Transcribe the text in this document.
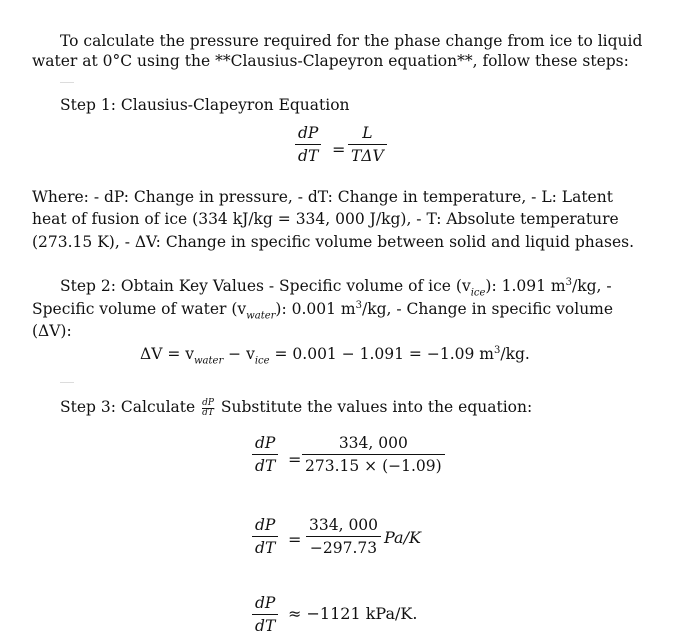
To calculate the pressure required for the phase change from ice to liquid
water at 0°C using the **Clausius-Clapeyron equation**, follow these steps:
Step 1: Clausius-Clapeyron Equation
dP
dT =
L
TΔV
Where: - dP: Change in pressure, - dT: Change in temperature, - L: Latent
heat of fusion of ice (334 kJ/kg = 334, 000 J/kg), - T: Absolute temperature
(273.15 K), - ΔV: Change in specific volume between solid and liquid phases.
Step 2: Obtain Key Values - Specific volume of ice $(v_{ice})$: 1.091 $m^3/kg$, -
Specific volume of water $(v_{water})$: 0.001 $m^3/kg$, - Change in specific volume
(ΔV):
$\Delta V = v_{water} - v_{ice} = 0.001 - 1.091 = -1.09$ $m^3/kg$.
Step 3: Calculate $\frac{dP}{dT}$ Substitute the values into the equation:
dP
dT =
334, 000
273.15 × (−1.09)
dP
dT =
334, 000
−297.73
Pa/K
dP
dT
≈ −1121 kPa/K.
